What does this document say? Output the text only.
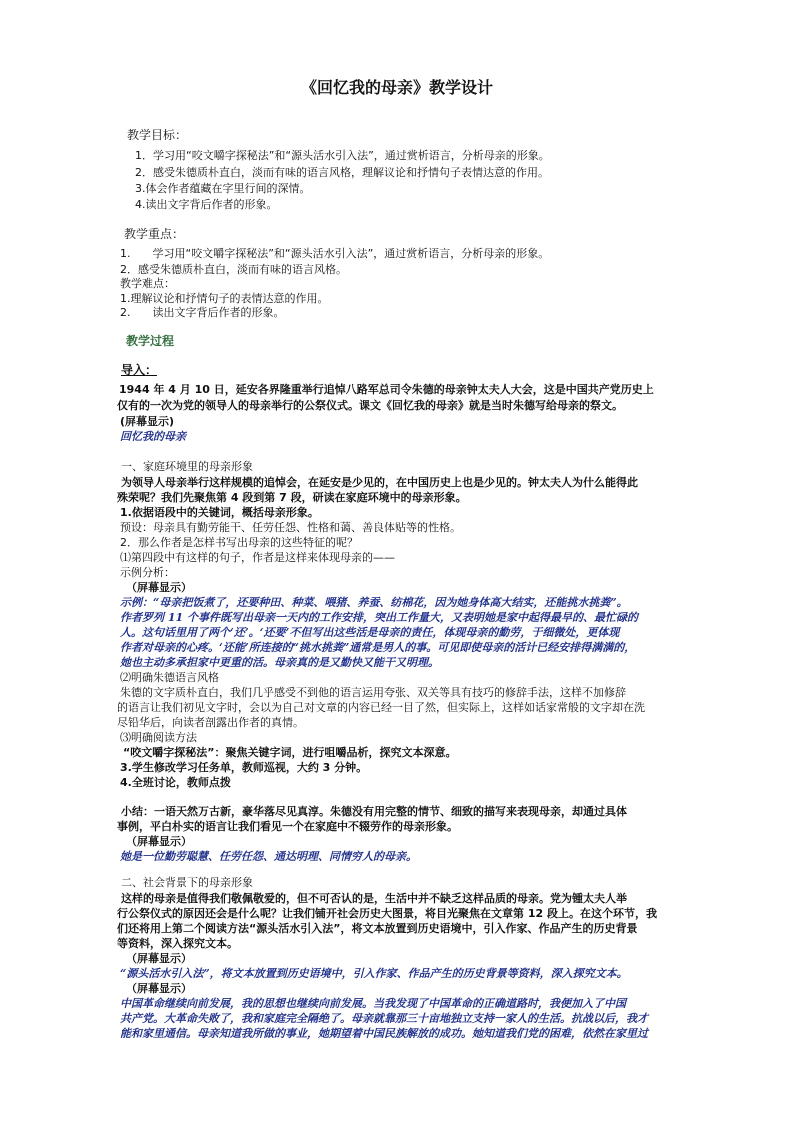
《回忆我的母亲》教学设计
教学目标：
1．学习用“咬文嚼字探秘法”和“源头活水引入法”，通过赏析语言，分析母亲的形象。
2．感受朱德质朴直白，淡而有味的语言风格，理解议论和抒情句子表情达意的作用。
3.体会作者蕴藏在字里行间的深情。
4.读出文字背后作者的形象。
教学重点：
1.　　学习用“咬文嚼字探秘法”和“源头活水引入法”，通过赏析语言，分析母亲的形象。
2．感受朱德质朴直白，淡而有味的语言风格。
教学难点：
1.理解议论和抒情句子的表情达意的作用。
2.　　读出文字背后作者的形象。
教学过程
导入：
1944 年 4 月 10 日，延安各界隆重举行追悼八路军总司令朱德的母亲钟太夫人大会，这是中国共产党历史上
仅有的一次为党的领导人的母亲举行的公祭仪式。课文《回忆我的母亲》就是当时朱德写给母亲的祭文。
(屏幕显示)
回忆我的母亲
一、家庭环境里的母亲形象
为领导人母亲举行这样规模的追悼会，在延安是少见的，在中国历史上也是少见的。钟太夫人为什么能得此
殊荣呢？我们先聚焦第 4 段到第 7 段，研读在家庭环境中的母亲形象。
1.依据语段中的关键词，概括母亲形象。
预设：母亲具有勤劳能干、任劳任怨、性格和蔼、善良体贴等的性格。
2．那么作者是怎样书写出母亲的这些特征的呢？
⑴第四段中有这样的句子，作者是这样来体现母亲的——
示例分析：
（屏幕显示）
示例：“母亲把饭煮了，还要种田、种菜、喂猪、养蚕、纺棉花，因为她身体高大结实，还能挑水挑粪”。
作者罗列 11 个事件既写出母亲一天内的工作安排，突出工作量大，又表明她是家中起得最早的、最忙碌的
人。这句话里用了两个‘还’。‘还要’不但写出这些活是母亲的责任，体现母亲的勤劳，于细微处，更体现
作者对母亲的心疼。‘还能’所连接的“挑水挑粪”通常是男人的事。可见即使母亲的活计已经安排得满满的，
她也主动多承担家中更重的活。母亲真的是又勤快又能干又明理。
⑵明确朱德语言风格
朱德的文字质朴直白，我们几乎感受不到他的语言运用夸张、双关等具有技巧的修辞手法，这样不加修辞
的语言让我们初见文字时，会以为自己对文章的内容已经一目了然，但实际上，这样如话家常般的文字却在洗
尽铅华后，向读者剖露出作者的真情。
⑶明确阅读方法
“咬文嚼字探秘法”：聚焦关键字词，进行咀嚼品析，探究文本深意。
3.学生修改学习任务单，教师巡视，大约 3 分钟。
4.全班讨论，教师点拨
小结：一语天然万古新，豪华落尽见真淳。朱德没有用完整的情节、细致的描写来表现母亲，却通过具体
事例，平白朴实的语言让我们看见一个在家庭中不辍劳作的母亲形象。
（屏幕显示）
她是一位勤劳聪慧、任劳任怨、通达明理、同情穷人的母亲。
二、社会背景下的母亲形象
这样的母亲是值得我们敬佩敬爱的，但不可否认的是，生活中并不缺乏这样品质的母亲。党为锺太夫人举
行公祭仪式的原因还会是什么呢？让我们铺开社会历史大图景，将目光聚焦在文章第 12 段上。在这个环节，我
们还将用上第二个阅读方法“源头活水引入法”，将文本放置到历史语境中，引入作家、作品产生的历史背景
等资料，深入探究文本。
（屏幕显示）
“源头活水引入法”，将文本放置到历史语境中，引入作家、作品产生的历史背景等资料，深入探究文本。
（屏幕显示）
中国革命继续向前发展，我的思想也继续向前发展。当我发现了中国革命的正确道路时，我便加入了中国
共产党。大革命失败了，我和家庭完全隔绝了。母亲就靠那三十亩地独立支持一家人的生活。抗战以后，我才
能和家里通信。母亲知道我所做的事业，她期望着中国民族解放的成功。她知道我们党的困难，依然在家里过
